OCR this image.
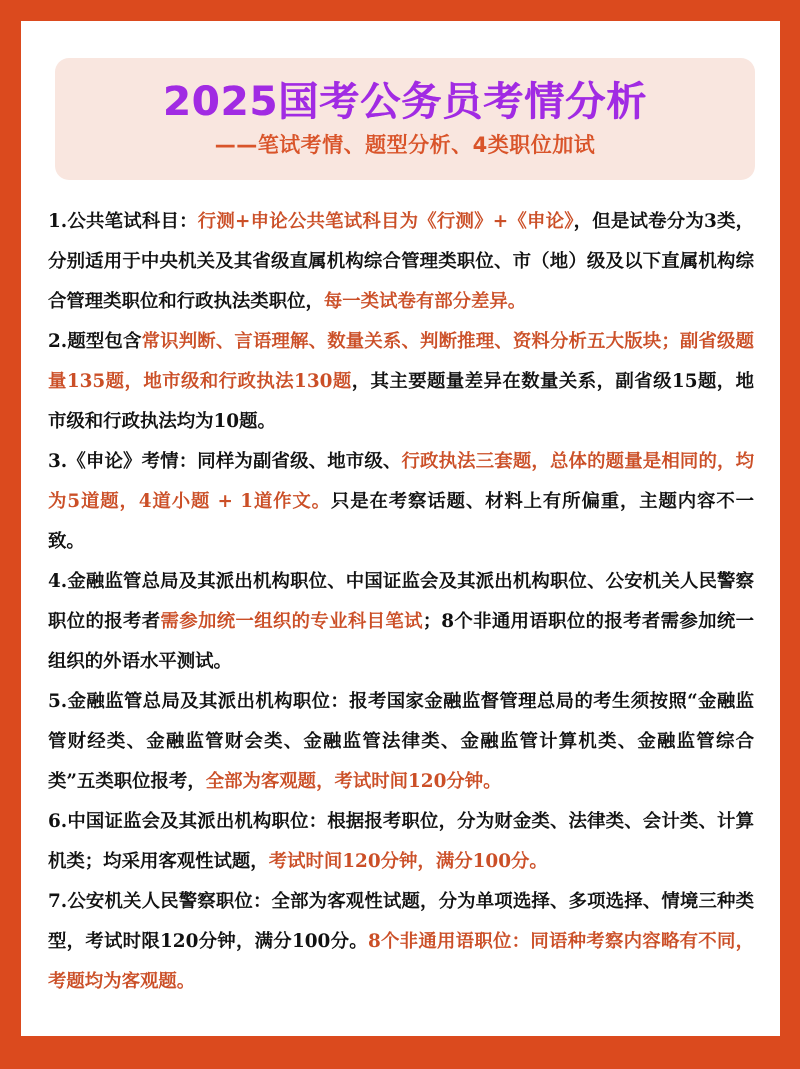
2025国考公务员考情分析
——笔试考情、题型分析、4类职位加试

1.公共笔试科目：行测+申论公共笔试科目为《行测》+《申论》，但是试卷分为3类，分别适用于中央机关及其省级直属机构综合管理类职位、市（地）级及以下直属机构综合管理类职位和行政执法类职位，每一类试卷有部分差异。

2.题型包含常识判断、言语理解、数量关系、判断推理、资料分析五大版块；副省级题量135题，地市级和行政执法130题，其主要题量差异在数量关系，副省级15题，地市级和行政执法均为10题。

3.《申论》考情：同样为副省级、地市级、行政执法三套题，总体的题量是相同的，均为5道题，4道小题 + 1道作文。只是在考察话题、材料上有所偏重，主题内容不一致。

4.金融监管总局及其派出机构职位、中国证监会及其派出机构职位、公安机关人民警察职位的报考者需参加统一组织的专业科目笔试；8个非通用语职位的报考者需参加统一组织的外语水平测试。

5.金融监管总局及其派出机构职位：报考国家金融监督管理总局的考生须按照“金融监管财经类、金融监管财会类、金融监管法律类、金融监管计算机类、金融监管综合类”五类职位报考，全部为客观题，考试时间120分钟。

6.中国证监会及其派出机构职位：根据报考职位，分为财金类、法律类、会计类、计算机类；均采用客观性试题，考试时间120分钟，满分100分。

7.公安机关人民警察职位：全部为客观性试题，分为单项选择、多项选择、情境三种类型，考试时限120分钟，满分100分。8个非通用语职位：同语种考察内容略有不同，考题均为客观题。
